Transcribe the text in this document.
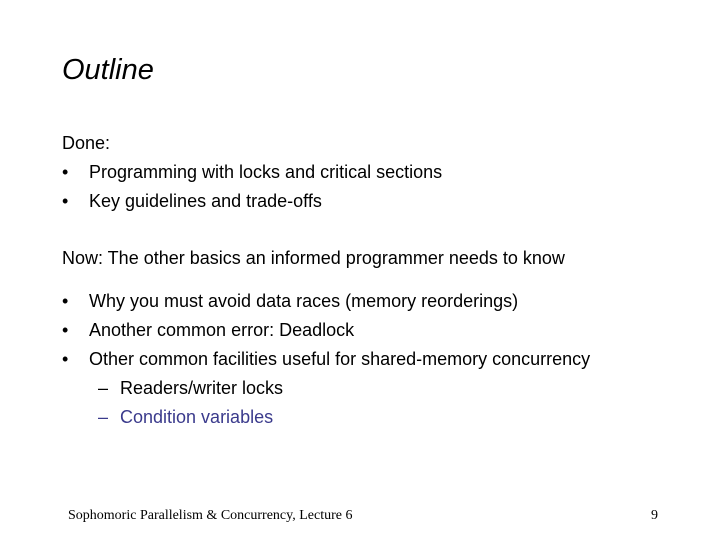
Outline
Done:
• Programming with locks and critical sections
• Key guidelines and trade-offs
Now: The other basics an informed programmer needs to know
• Why you must avoid data races (memory reorderings)
• Another common error: Deadlock
• Other common facilities useful for shared-memory concurrency
– Readers/writer locks
– Condition variables
Sophomoric Parallelism & Concurrency, Lecture 6	9
